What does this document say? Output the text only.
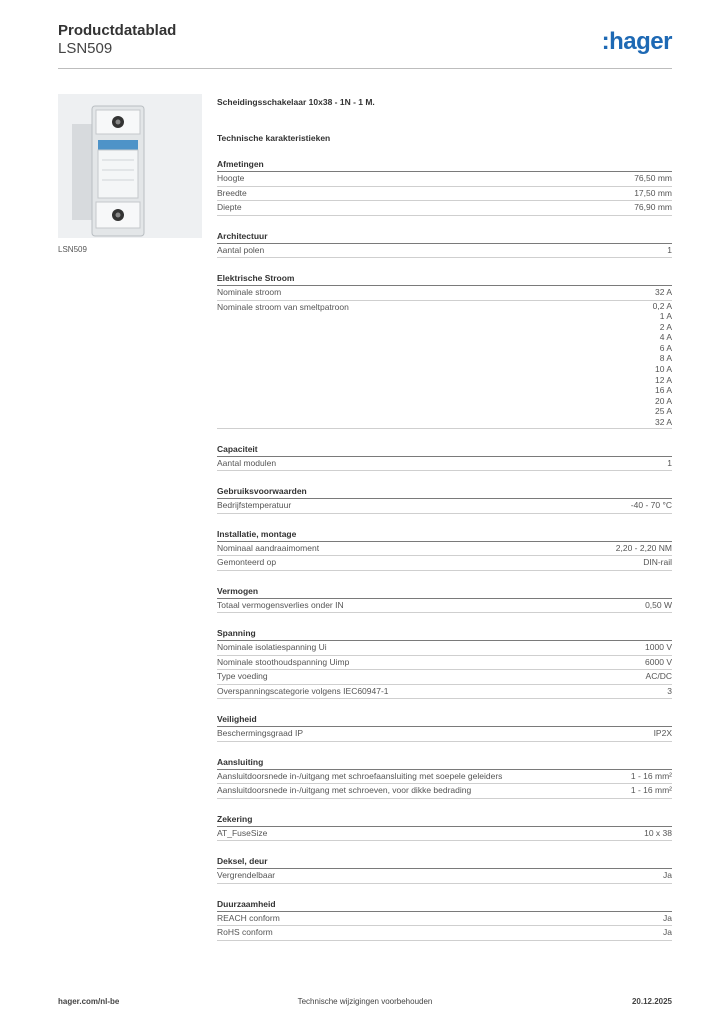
Productdatablad
LSN509	:hager
LSN509
Scheidingsschakelaar 10x38 - 1N - 1 M.
Technische karakteristieken
Afmetingen
Hoogte	76,50 mm
Breedte	17,50 mm
Diepte	76,90 mm
Architectuur
Aantal polen	1
Elektrische Stroom
Nominale stroom	32 A
Nominale stroom van smeltpatroon	0,2 A
1 A
2 A
4 A
6 A
8 A
10 A
12 A
16 A
20 A
25 A
32 A
Capaciteit
Aantal modulen	1
Gebruiksvoorwaarden
Bedrijfstemperatuur	-40 - 70 °C
Installatie, montage
Nominaal aandraaimoment	2,20 - 2,20 NM
Gemonteerd op	DIN-rail
Vermogen
Totaal vermogensverlies onder IN	0,50 W
Spanning
Nominale isolatiespanning Ui	1000 V
Nominale stoothoudspanning Uimp	6000 V
Type voeding	AC/DC
Overspanningscategorie volgens IEC60947-1	3
Veiligheid
Beschermingsgraad IP	IP2X
Aansluiting
Aansluitdoorsnede in-/uitgang met schroefaansluiting met soepele geleiders	1 - 16 mm²
Aansluitdoorsnede in-/uitgang met schroeven, voor dikke bedrading	1 - 16 mm²
Zekering
AT_FuseSize	10 x 38
Deksel, deur
Vergrendelbaar	Ja
Duurzaamheid
REACH conform	Ja
RoHS conform	Ja
hager.com/nl-be	Technische wijzigingen voorbehouden	20.12.2025
